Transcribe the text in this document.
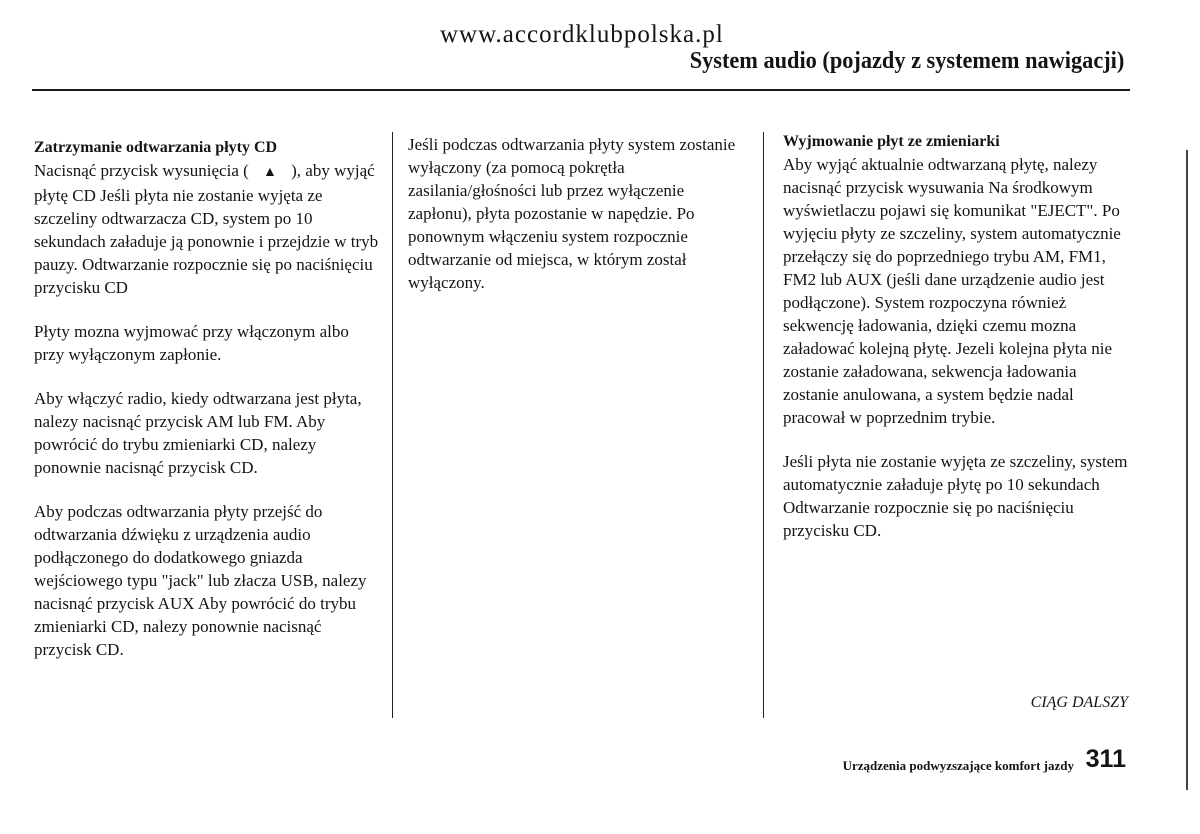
www.accordklubpolska.pl
System audio (pojazdy z systemem nawigacji)
Zatrzymanie odtwarzania płyty CD

Nacisnąć przycisk wysunięcia ( ▲ ), aby wyjąć płytę CD Jeśli płyta nie zostanie wyjęta ze szczeliny odtwarzacza CD, system po 10 sekundach załaduje ją ponownie i przejdzie w tryb pauzy. Odtwarzanie rozpocznie się po naciśnięciu przycisku CD

Płyty mozna wyjmować przy włączonym albo przy wyłączonym zapłonie.

Aby włączyć radio, kiedy odtwarzana jest płyta, nalezy nacisnąć przycisk AM lub FM. Aby powrócić do trybu zmieniarki CD, nalezy ponownie nacisnąć przycisk CD.

Aby podczas odtwarzania płyty przejść do odtwarzania dźwięku z urządzenia audio podłączonego do dodatkowego gniazda wejściowego typu "jack" lub złacza USB, nalezy nacisnąć przycisk AUX Aby powrócić do trybu zmieniarki CD, nalezy ponownie nacisnąć przycisk CD.

Jeśli podczas odtwarzania płyty system zostanie wyłączony (za pomocą pokrętła zasilania/głośności lub przez wyłączenie zapłonu), płyta pozostanie w napędzie. Po ponownym włączeniu system rozpocznie odtwarzanie od miejsca, w którym został wyłączony.

Wyjmowanie płyt ze zmieniarki

Aby wyjąć aktualnie odtwarzaną płytę, nalezy nacisnąć przycisk wysuwania Na środkowym wyświetlaczu pojawi się komunikat "EJECT". Po wyjęciu płyty ze szczeliny, system automatycznie przełączy się do poprzedniego trybu AM, FM1, FM2 lub AUX (jeśli dane urządzenie audio jest podłączone). System rozpoczyna również sekwencję ładowania, dzięki czemu mozna załadować kolejną płytę. Jezeli kolejna płyta nie zostanie załadowana, sekwencja ładowania zostanie anulowana, a system będzie nadal pracował w poprzednim trybie.

Jeśli płyta nie zostanie wyjęta ze szczeliny, system automatycznie załaduje płytę po 10 sekundach Odtwarzanie rozpocznie się po naciśnięciu przycisku CD.

CIĄG DALSZY
Urządzenia podwyzszające komfort jazdy 311
